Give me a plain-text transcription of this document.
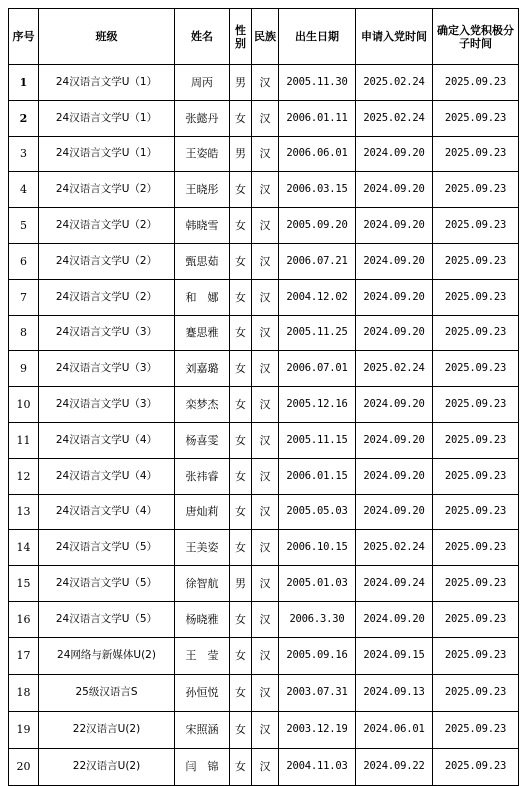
序号	班级	姓名	性别	民族	出生日期	申请入党时间	确定入党积极分子时间
1	24汉语言文学U（1）	周丙	男	汉	2005.11.30	2025.02.24	2025.09.23
2	24汉语言文学U（1）	张懿丹	女	汉	2006.01.11	2025.02.24	2025.09.23
3	24汉语言文学U（1）	王姿皓	男	汉	2006.06.01	2024.09.20	2025.09.23
4	24汉语言文学U（2）	王晓彤	女	汉	2006.03.15	2024.09.20	2025.09.23
5	24汉语言文学U（2）	韩晓雪	女	汉	2005.09.20	2024.09.20	2025.09.23
6	24汉语言文学U（2）	甄思茹	女	汉	2006.07.21	2024.09.20	2025.09.23
7	24汉语言文学U（2）	和　娜	女	汉	2004.12.02	2024.09.20	2025.09.23
8	24汉语言文学U（3）	蹇思雅	女	汉	2005.11.25	2024.09.20	2025.09.23
9	24汉语言文学U（3）	刘嘉璐	女	汉	2006.07.01	2025.02.24	2025.09.23
10	24汉语言文学U（3）	栾梦杰	女	汉	2005.12.16	2024.09.20	2025.09.23
11	24汉语言文学U（4）	杨喜雯	女	汉	2005.11.15	2024.09.20	2025.09.23
12	24汉语言文学U（4）	张祎睿	女	汉	2006.01.15	2024.09.20	2025.09.23
13	24汉语言文学U（4）	唐灿莉	女	汉	2005.05.03	2024.09.20	2025.09.23
14	24汉语言文学U（5）	王美姿	女	汉	2006.10.15	2025.02.24	2025.09.23
15	24汉语言文学U（5）	徐智航	男	汉	2005.01.03	2024.09.24	2025.09.23
16	24汉语言文学U（5）	杨晓雅	女	汉	2006.3.30	2024.09.20	2025.09.23
17	24网络与新媒体U(2)	王　莹	女	汉	2005.09.16	2024.09.15	2025.09.23
18	25级汉语言S	孙恒悦	女	汉	2003.07.31	2024.09.13	2025.09.23
19	22汉语言U(2)	宋照涵	女	汉	2003.12.19	2024.06.01	2025.09.23
20	22汉语言U(2)	闫　锦	女	汉	2004.11.03	2024.09.22	2025.09.23
